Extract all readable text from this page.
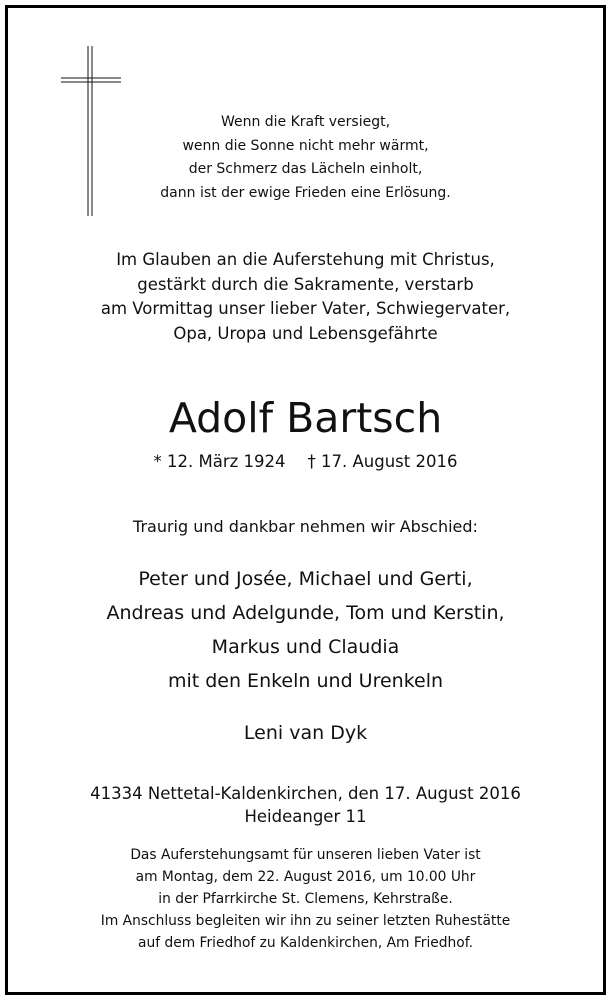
Wenn die Kraft versiegt,
wenn die Sonne nicht mehr wärmt,
der Schmerz das Lächeln einholt,
dann ist der ewige Frieden eine Erlösung.
Im Glauben an die Auferstehung mit Christus,
gestärkt durch die Sakramente, verstarb
am Vormittag unser lieber Vater, Schwiegervater,
Opa, Uropa und Lebensgefährte
Adolf Bartsch
* 12. März 1924 † 17. August 2016
Traurig und dankbar nehmen wir Abschied:
Peter und Josée, Michael und Gerti,
Andreas und Adelgunde, Tom und Kerstin,
Markus und Claudia
mit den Enkeln und Urenkeln
Leni van Dyk
41334 Nettetal-Kaldenkirchen, den 17. August 2016
Heideanger 11
Das Auferstehungsamt für unseren lieben Vater ist
am Montag, dem 22. August 2016, um 10.00 Uhr
in der Pfarrkirche St. Clemens, Kehrstraße.
Im Anschluss begleiten wir ihn zu seiner letzten Ruhestätte
auf dem Friedhof zu Kaldenkirchen, Am Friedhof.
